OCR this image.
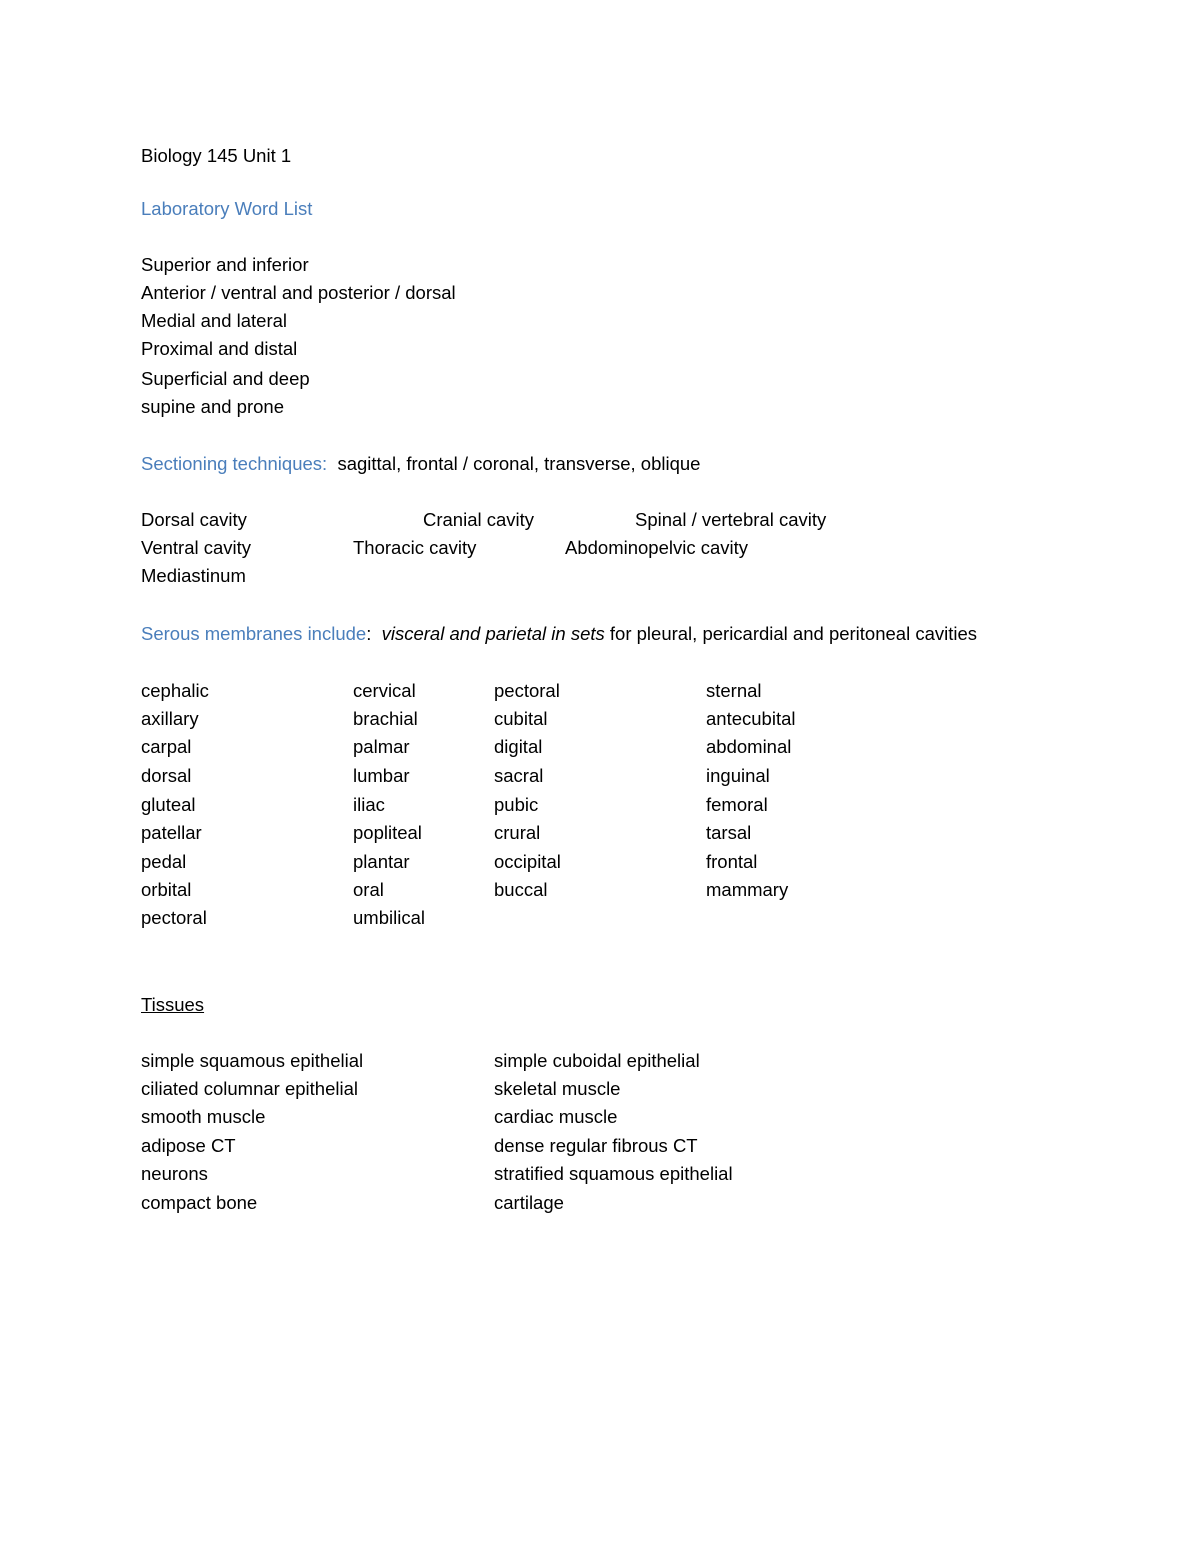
Biology 145 Unit 1
Laboratory Word List
Superior and inferior
Anterior / ventral and posterior / dorsal
Medial and lateral
Proximal and distal
Superficial and deep
supine and prone
Sectioning techniques: sagittal, frontal / coronal, transverse, oblique
Dorsal cavity	Cranial cavity	Spinal / vertebral cavity
Ventral cavity	Thoracic cavity	Abdominopelvic cavity
Mediastinum
Serous membranes include: visceral and parietal in sets for pleural, pericardial and peritoneal cavities
cephalic	cervical	pectoral	sternal
axillary	brachial	cubital	antecubital
carpal	palmar	digital	abdominal
dorsal	lumbar	sacral	inguinal
gluteal	iliac	pubic	femoral
patellar	popliteal	crural	tarsal
pedal	plantar	occipital	frontal
orbital	oral	buccal	mammary
pectoral	umbilical
Tissues
simple squamous epithelial	simple cuboidal epithelial
ciliated columnar epithelial	skeletal muscle
smooth muscle	cardiac muscle
adipose CT	dense regular fibrous CT
neurons	stratified squamous epithelial
compact bone	cartilage
